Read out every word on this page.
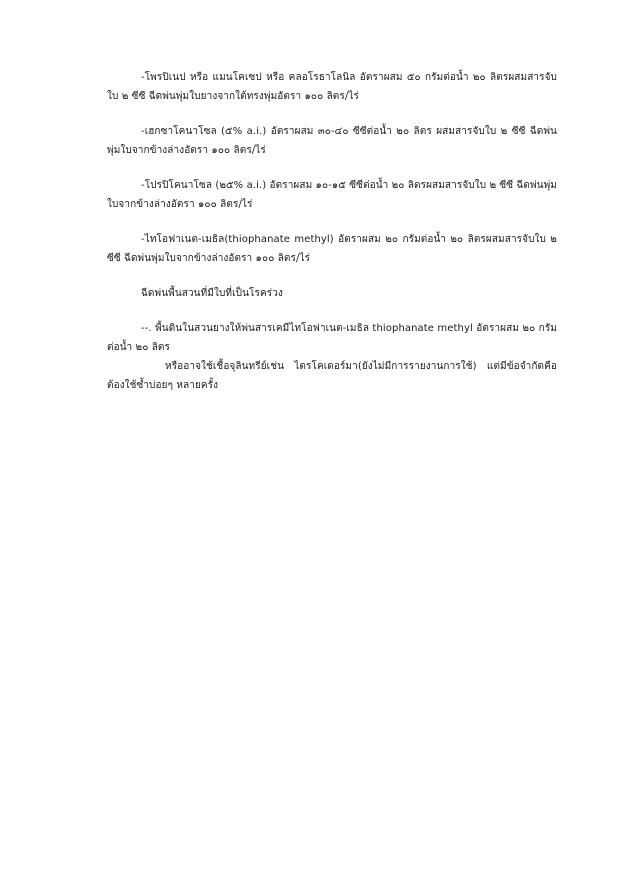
-โพรปิเนป หรือ แมนโคเซป หรือ คลอโรธาโลนิล อัตราผสม ๕๐ กรัมต่อน้ำ ๒๐ ลิตรผสมสารจับใบ ๒ ซีซี ฉีดพ่นพุ่มใบยางจากใต้ทรงพุ่มอัตรา ๑๐๐ ลิตร/ไร่

-เฮกซาโคนาโซล (๕% a.i.) อัตราผสม ๓๐-๔๐ ซีซีต่อน้ำ ๒๐ ลิตร ผสมสารจับใบ ๒ ซีซี ฉีดพ่นพุ่มใบจากข้างล่างอัตรา ๑๐๐ ลิตร/ไร่

-โปรปิโคนาโซล (๒๕% a.i.) อัตราผสม ๑๐-๑๕ ซีซีต่อน้ำ ๒๐ ลิตรผสมสารจับใบ ๒ ซีซี ฉีดพ่นพุ่มใบจากข้างล่างอัตรา ๑๐๐ ลิตร/ไร่

-ไทโอฟาเนต-เมธิล(thiophanate methyl) อัตราผสม ๒๐ กรัมต่อน้ำ ๒๐ ลิตรผสมสารจับใบ ๒ ซีซี ฉีดพ่นพุ่มใบจากข้างล่างอัตรา ๑๐๐ ลิตร/ไร่

ฉีดพ่นพื้นสวนที่มีใบที่เป็นโรคร่วง

--. พื้นดินในสวนยางให้พ่นสารเคมีไทโอฟาเนต-เมธิล thiophanate methyl อัตราผสม ๒๐ กรัมต่อน้ำ ๒๐ ลิตร

หรืออาจใช้เชื้อจุลินทรีย์เช่น ไตรโคเดอร์มา(ยังไม่มีการรายงานการใช้) แต่มีข้อจำกัดคือ ต้องใช้ซ้ำบ่อยๆ หลายครั้ง
